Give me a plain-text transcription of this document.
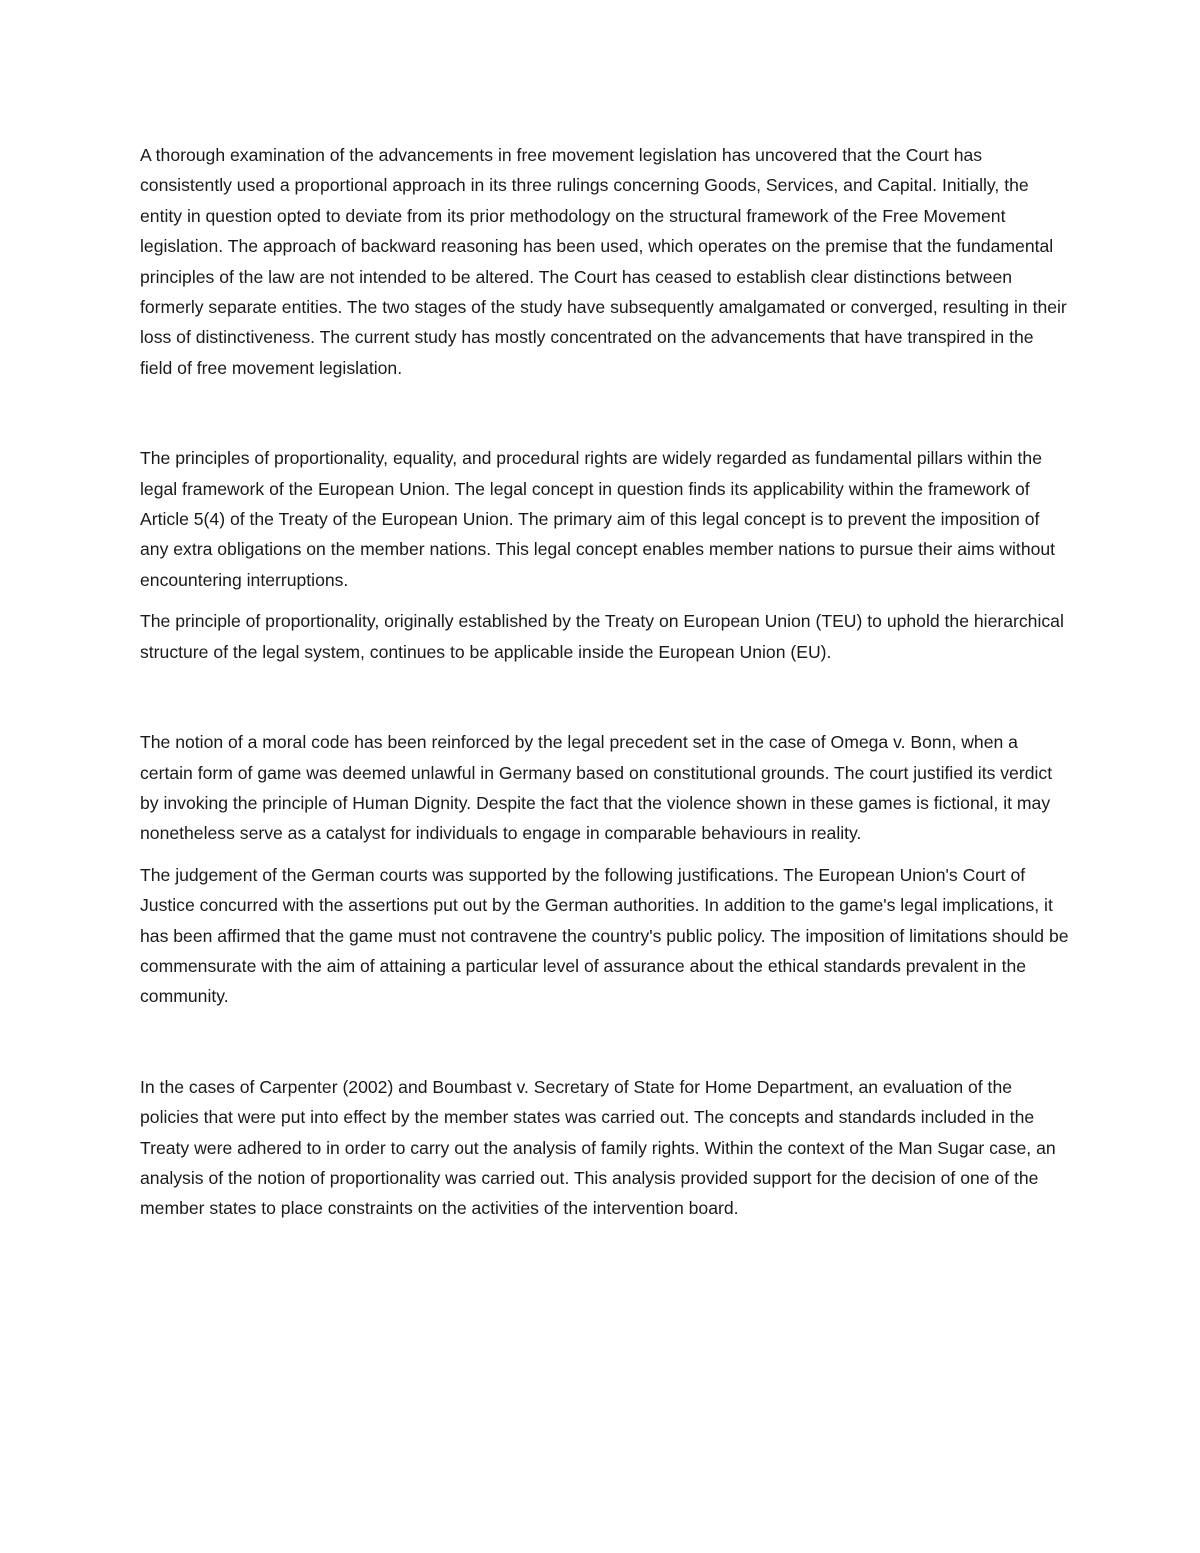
A thorough examination of the advancements in free movement legislation has uncovered that the Court has consistently used a proportional approach in its three rulings concerning Goods, Services, and Capital. Initially, the entity in question opted to deviate from its prior methodology on the structural framework of the Free Movement legislation. The approach of backward reasoning has been used, which operates on the premise that the fundamental principles of the law are not intended to be altered. The Court has ceased to establish clear distinctions between formerly separate entities. The two stages of the study have subsequently amalgamated or converged, resulting in their loss of distinctiveness. The current study has mostly concentrated on the advancements that have transpired in the field of free movement legislation.

The principles of proportionality, equality, and procedural rights are widely regarded as fundamental pillars within the legal framework of the European Union. The legal concept in question finds its applicability within the framework of Article 5(4) of the Treaty of the European Union. The primary aim of this legal concept is to prevent the imposition of any extra obligations on the member nations. This legal concept enables member nations to pursue their aims without encountering interruptions.

The principle of proportionality, originally established by the Treaty on European Union (TEU) to uphold the hierarchical structure of the legal system, continues to be applicable inside the European Union (EU).

The notion of a moral code has been reinforced by the legal precedent set in the case of Omega v. Bonn, when a certain form of game was deemed unlawful in Germany based on constitutional grounds. The court justified its verdict by invoking the principle of Human Dignity. Despite the fact that the violence shown in these games is fictional, it may nonetheless serve as a catalyst for individuals to engage in comparable behaviours in reality.

The judgement of the German courts was supported by the following justifications. The European Union's Court of Justice concurred with the assertions put out by the German authorities. In addition to the game's legal implications, it has been affirmed that the game must not contravene the country's public policy. The imposition of limitations should be commensurate with the aim of attaining a particular level of assurance about the ethical standards prevalent in the community.

In the cases of Carpenter (2002) and Boumbast v. Secretary of State for Home Department, an evaluation of the policies that were put into effect by the member states was carried out. The concepts and standards included in the Treaty were adhered to in order to carry out the analysis of family rights. Within the context of the Man Sugar case, an analysis of the notion of proportionality was carried out. This analysis provided support for the decision of one of the member states to place constraints on the activities of the intervention board.
